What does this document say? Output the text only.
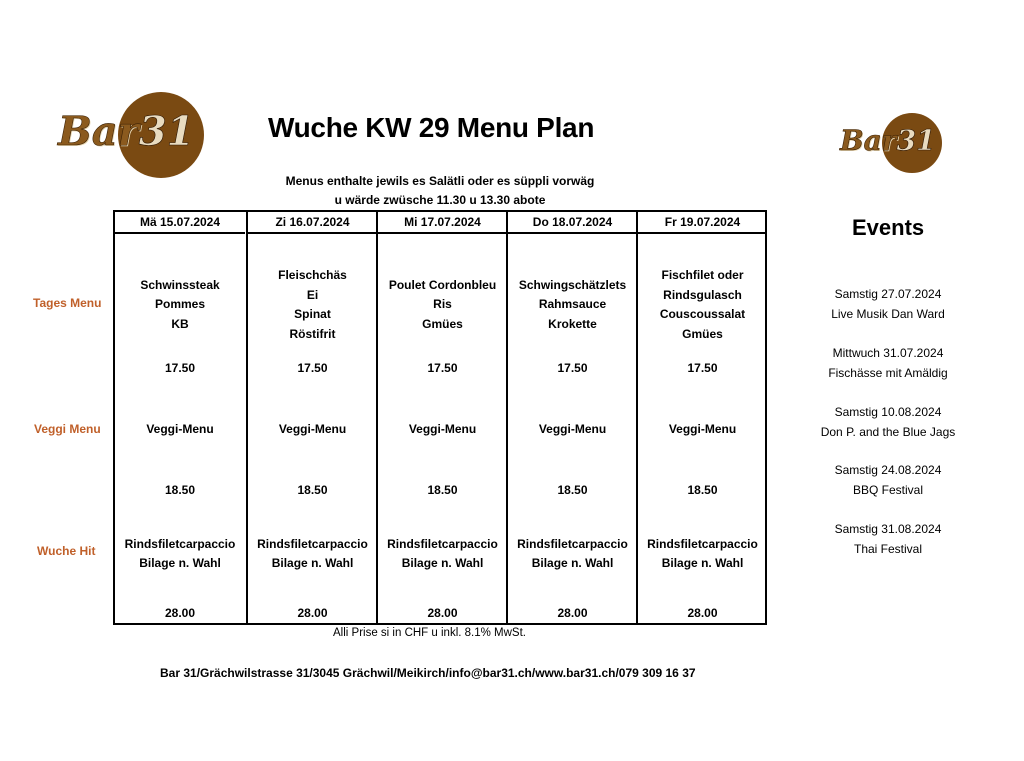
Bar31	Bar31
Wuche KW 29 Menu Plan
Menus enthalte jewils es Salätli oder es süppli vorwäg
u wärde zwüsche 11.30 u 13.30 abote
Tages Menu
Veggi Menu
Wuche Hit
Mä 15.07.2024
Schwinssteak
Pommes
KB
17.50
Veggi-Menu
18.50
Rindsfiletcarpaccio
Bilage n. Wahl
28.00
Zi 16.07.2024
Fleischchäs
Ei
Spinat
Röstifrit
17.50
Veggi-Menu
18.50
Rindsfiletcarpaccio
Bilage n. Wahl
28.00
Mi 17.07.2024
Poulet Cordonbleu
Ris
Gmües
17.50
Veggi-Menu
18.50
Rindsfiletcarpaccio
Bilage n. Wahl
28.00
Do 18.07.2024
Schwingschätzlets
Rahmsauce
Krokette
17.50
Veggi-Menu
18.50
Rindsfiletcarpaccio
Bilage n. Wahl
28.00
Fr 19.07.2024
Fischfilet oder
Rindsgulasch
Couscoussalat
Gmües
17.50
Veggi-Menu
18.50
Rindsfiletcarpaccio
Bilage n. Wahl
28.00
Events
Samstig 27.07.2024
Live Musik Dan Ward
Mittwuch 31.07.2024
Fischässe mit Amäldig
Samstig 10.08.2024
Don P. and the Blue Jags
Samstig 24.08.2024
BBQ Festival
Samstig 31.08.2024
Thai Festival
Alli Prise si in CHF u inkl. 8.1% MwSt.
Bar 31/Grächwilstrasse 31/3045 Grächwil/Meikirch/info@bar31.ch/www.bar31.ch/079 309 16 37
